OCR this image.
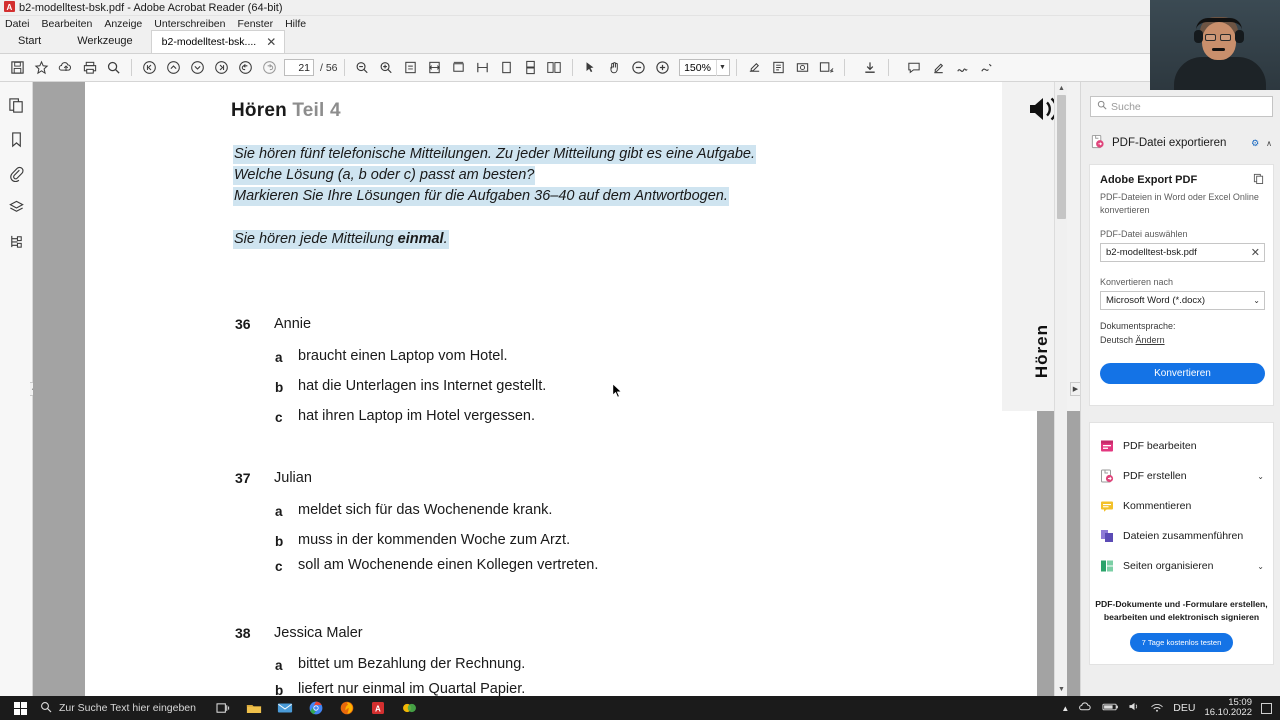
Ab2-modelltest-bsk.pdf - Adobe Acrobat Reader (64-bit)
Datei Bearbeiten Anzeige Unterschreiben Fenster Hilfe
Start	Werkzeuge	b2-modelltest-bsk.... ✕
21 / 56	150%	▼
Hören Teil 4
Sie hören fünf telefonische Mitteilungen. Zu jeder Mitteilung gibt es eine Aufgabe.
Welche Lösung (a, b oder c) passt am besten?
Markieren Sie Ihre Lösungen für die Aufgaben 36–40 auf dem Antwortbogen.
Sie hören jede Mitteilung einmal.
36 Annie
a braucht einen Laptop vom Hotel.
b hat die Unterlagen ins Internet gestellt.
c hat ihren Laptop im Hotel vergessen.
37 Julian
a meldet sich für das Wochenende krank.
b muss in der kommenden Woche zum Arzt.
c soll am Wochenende einen Kollegen vertreten.
38 Jessica Maler
a bittet um Bezahlung der Rechnung.
b liefert nur einmal im Quartal Papier.
Hören
▶
▲
▼
Suche
PDF-Datei exportieren	⚙ ∧
Adobe Export PDF
PDF-Dateien in Word oder Excel Online konvertieren
PDF-Datei auswählen
b2-modelltest-bsk.pdf	✕
Konvertieren nach
Microsoft Word (*.docx)	⌄
Dokumentsprache:
Deutsch Ändern
Konvertieren
PDF bearbeiten
PDF erstellen	⌄
Kommentieren
Dateien zusammenführen
Seiten organisieren	⌄
PDF-Dokumente und -Formulare erstellen, bearbeiten und elektronisch signieren
7 Tage kostenlos testen
Zur Suche Text hier eingeben	A	▲	DEU	15:09
16.10.2022
